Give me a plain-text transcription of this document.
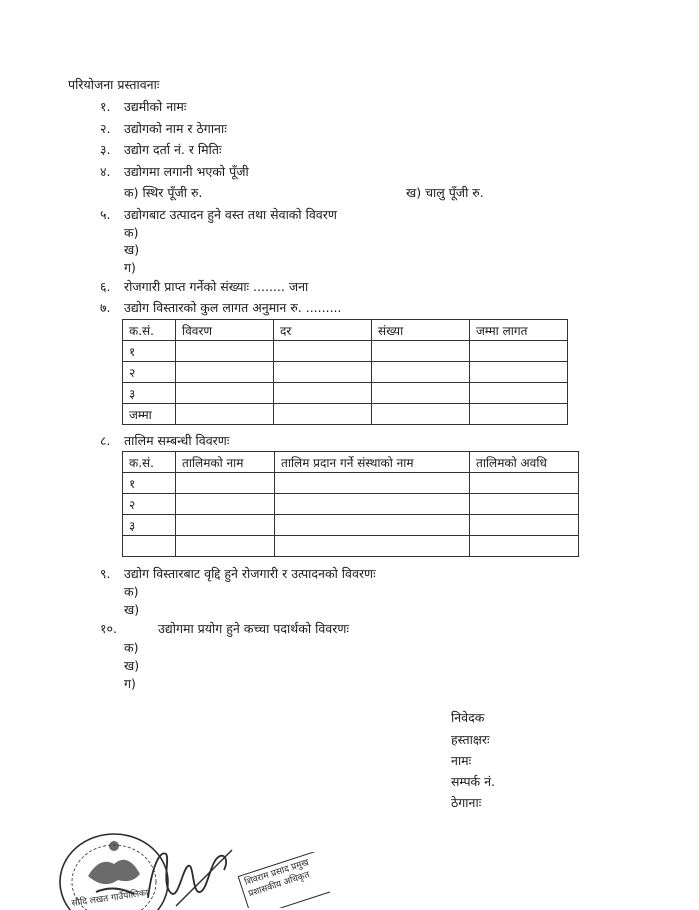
परियोजना प्रस्तावनाः
१. उद्यमीको नामः
२. उद्योगको नाम र ठेगानाः
३. उद्योग दर्ता नं. र मितिः
४. उद्योगमा लगानी भएको पूँजी
क) स्थिर पूँजी रु.	ख) चालु पूँजी रु.
५. उद्योगबाट उत्पादन हुने वस्त तथा सेवाको विवरण
क)
ख)
ग)
६. रोजगारी प्राप्त गर्नेको संख्याः ........ जना
७. उद्योग विस्तारको कुल लागत अनुमान रु. .........
क.सं.	विवरण	दर	संख्या	जम्मा लागत
१				
२				
३				
जम्मा				
८. तालिम सम्बन्धी विवरणः
क.सं.	तालिमको नाम	तालिम प्रदान गर्ने संस्थाको नाम	तालिमको अवधि
१			
२			
३			

९. उद्योग विस्तारबाट वृद्दि हुने रोजगारी र उत्पादनको विवरणः
क)
ख)
१०.	उद्योगमा प्रयोग हुने कच्चा पदार्थको विवरणः
क)
ख)
ग)
निवेदक
हस्ताक्षरः
नामः
सम्पर्क नं.
ठेगानाः
सौदि लखत गाउँपालिका
शिवराम प्रसाद प्रमुख प्रशासकीय अधिकृत
